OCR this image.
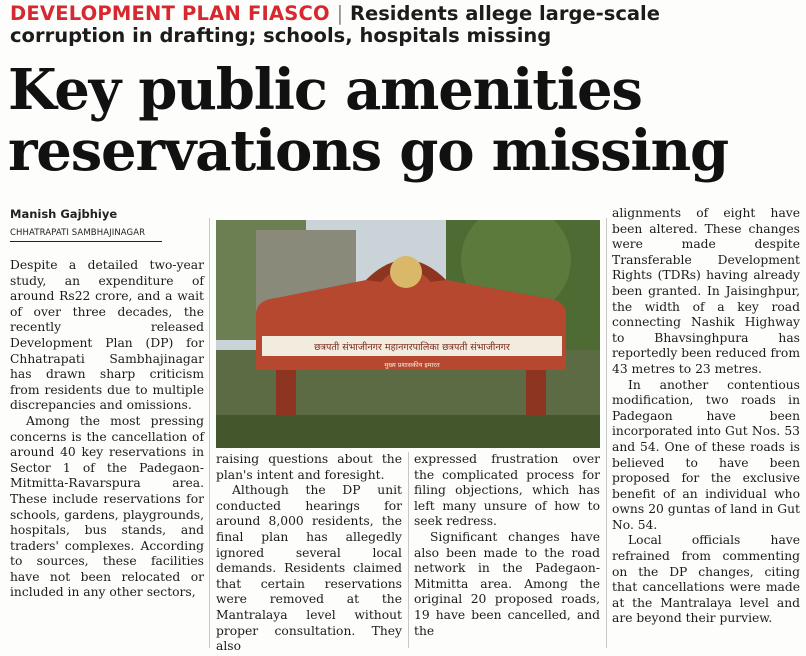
DEVELOPMENT PLAN FIASCO | Residents allege large-scale
corruption in drafting; schools, hospitals missing
Key public amenities
reservations go missing
Manish Gajbhiye
CHHATRAPATI SAMBHAJINAGAR
छत्रपती संभाजीनगर महानगरपालिका छत्रपती संभाजीनगर
मुख्य प्रशासकीय इमारत

Despite a detailed two-year study, an expenditure of around Rs22 crore, and a wait of over three decades, the recently released Development Plan (DP) for Chhatrapati Sambhajinagar has drawn sharp criticism from residents due to multiple discrepancies and omissions.

Among the most pressing concerns is the cancellation of around 40 key reservations in Sector 1 of the Padegaon-Mitmitta-Ravarspura area. These include reservations for schools, gardens, playgrounds, hospitals, bus stands, and traders' complexes. According to sources, these facilities have not been relocated or included in any other sectors,

raising questions about the plan's intent and foresight.

Although the DP unit conducted hearings for around 8,000 residents, the final plan has allegedly ignored several local demands. Residents claimed that certain reservations were removed at the Mantralaya level without proper consultation. They also

expressed frustration over the complicated process for filing objections, which has left many unsure of how to seek redress.

Significant changes have also been made to the road network in the Padegaon-Mitmitta area. Among the original 20 proposed roads, 19 have been cancelled, and the

alignments of eight have been altered. These changes were made despite Transferable Development Rights (TDRs) having already been granted. In Jaisinghpur, the width of a key road connecting Nashik Highway to Bhavsinghpura has reportedly been reduced from 43 metres to 23 metres.

In another contentious modification, two roads in Padegaon have been incorporated into Gut Nos. 53 and 54. One of these roads is believed to have been proposed for the exclusive benefit of an individual who owns 20 guntas of land in Gut No. 54.

Local officials have refrained from commenting on the DP changes, citing that cancellations were made at the Mantralaya level and are beyond their purview.
